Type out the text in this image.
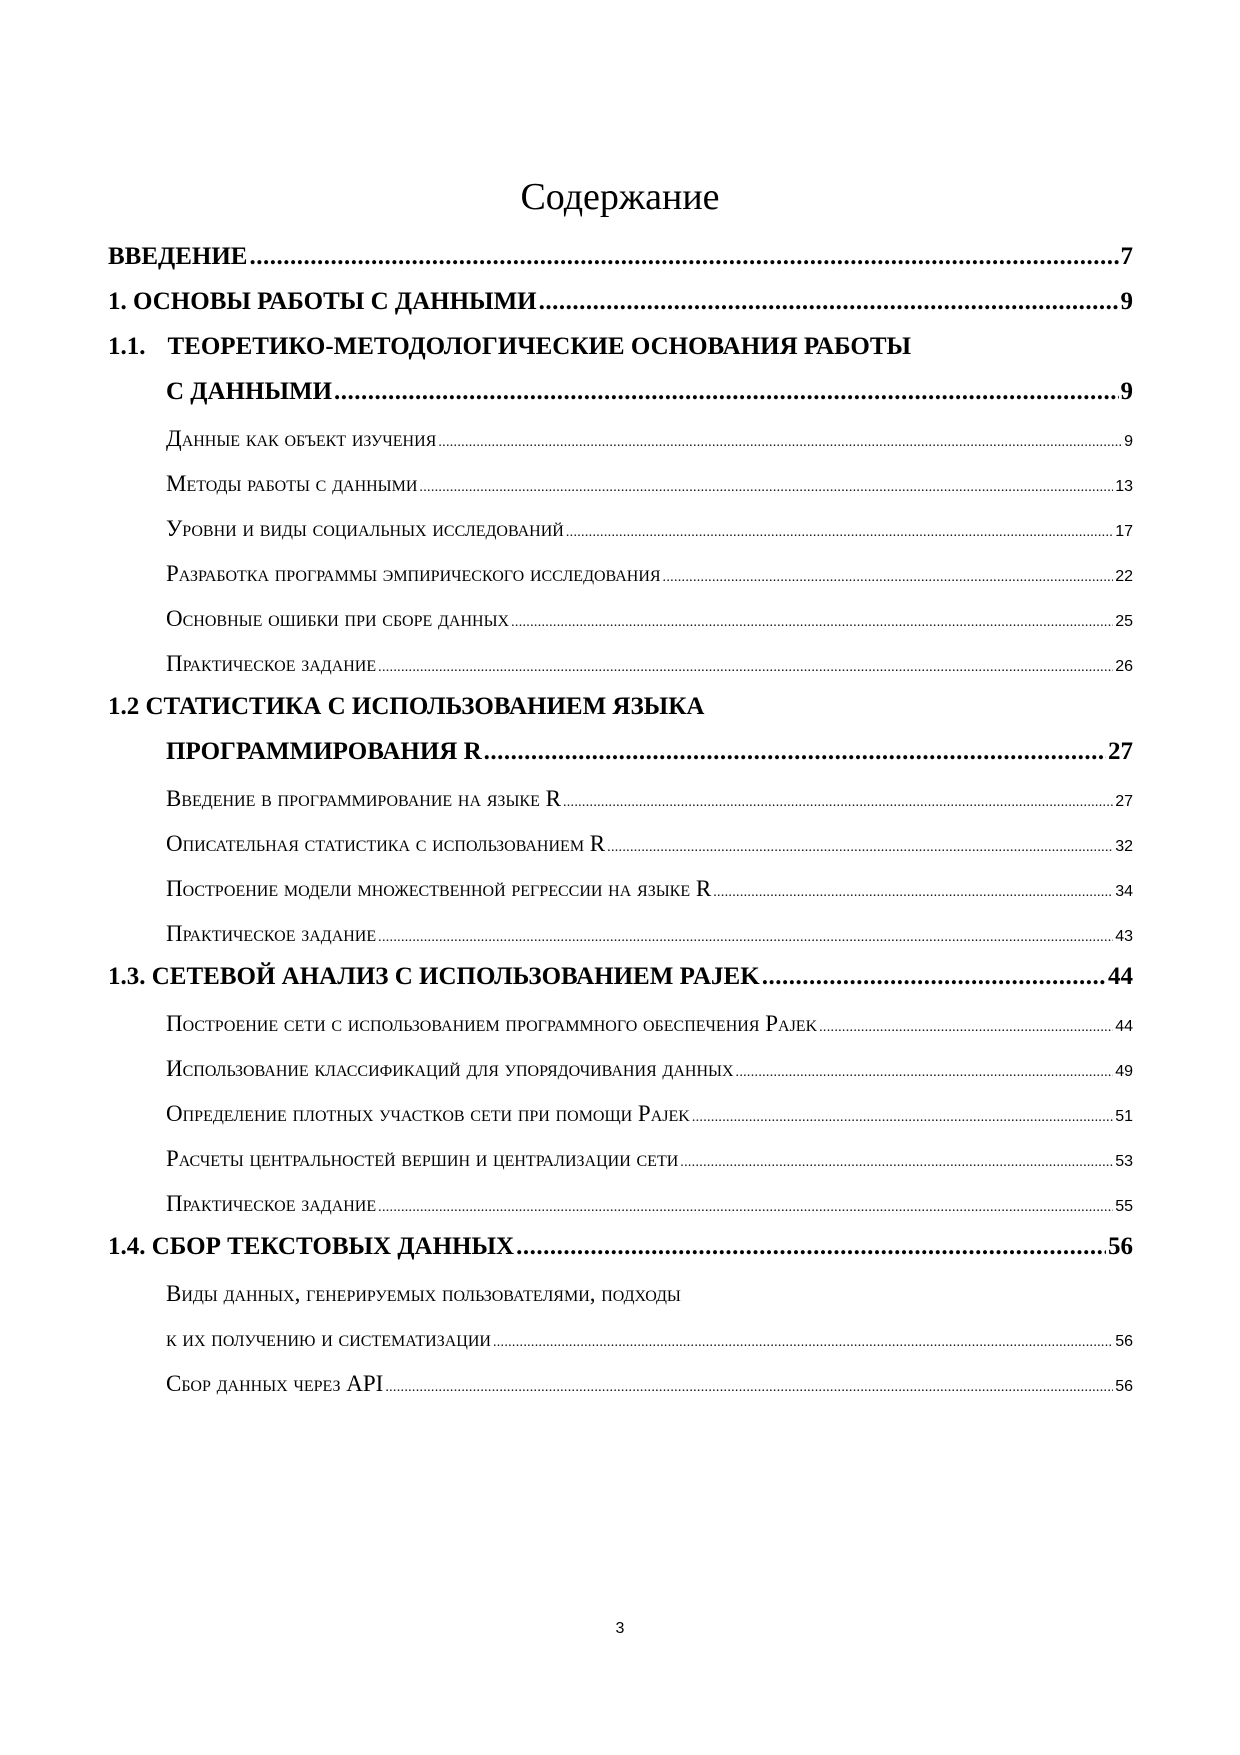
Содержание
ВВЕДЕНИЕ .....	7
1. ОСНОВЫ РАБОТЫ С ДАННЫМИ .....	9
1.1. ТЕОРЕТИКО-МЕТОДОЛОГИЧЕСКИЕ ОСНОВАНИЯ РАБОТЫ
С ДАННЫМИ .....	9
Данные как объект изучения .....	9
Методы работы с данными .....	13
Уровни и виды социальных исследований .....	17
Разработка программы эмпирического исследования .....	22
Основные ошибки при сборе данных .....	25
Практическое задание .....	26
1.2 СТАТИСТИКА С ИСПОЛЬЗОВАНИЕМ ЯЗЫКА
ПРОГРАММИРОВАНИЯ R .....	27
Введение в программирование на языке R .....	27
Описательная статистика с использованием R .....	32
Построение модели множественной регрессии на языке R .....	34
Практическое задание .....	43
1.3. СЕТЕВОЙ АНАЛИЗ С ИСПОЛЬЗОВАНИЕМ PAJEK .....	44
Построение сети с использованием программного обеспечения Pajek .....	44
Использование классификаций для упорядочивания данных .....	49
Определение плотных участков сети при помощи Pajek .....	51
Расчеты центральностей вершин и централизации сети .....	53
Практическое задание .....	55
1.4. СБОР ТЕКСТОВЫХ ДАННЫХ .....	56
Виды данных, генерируемых пользователями, подходы
к их получению и систематизации .....	56
Сбор данных через API .....	56
3
